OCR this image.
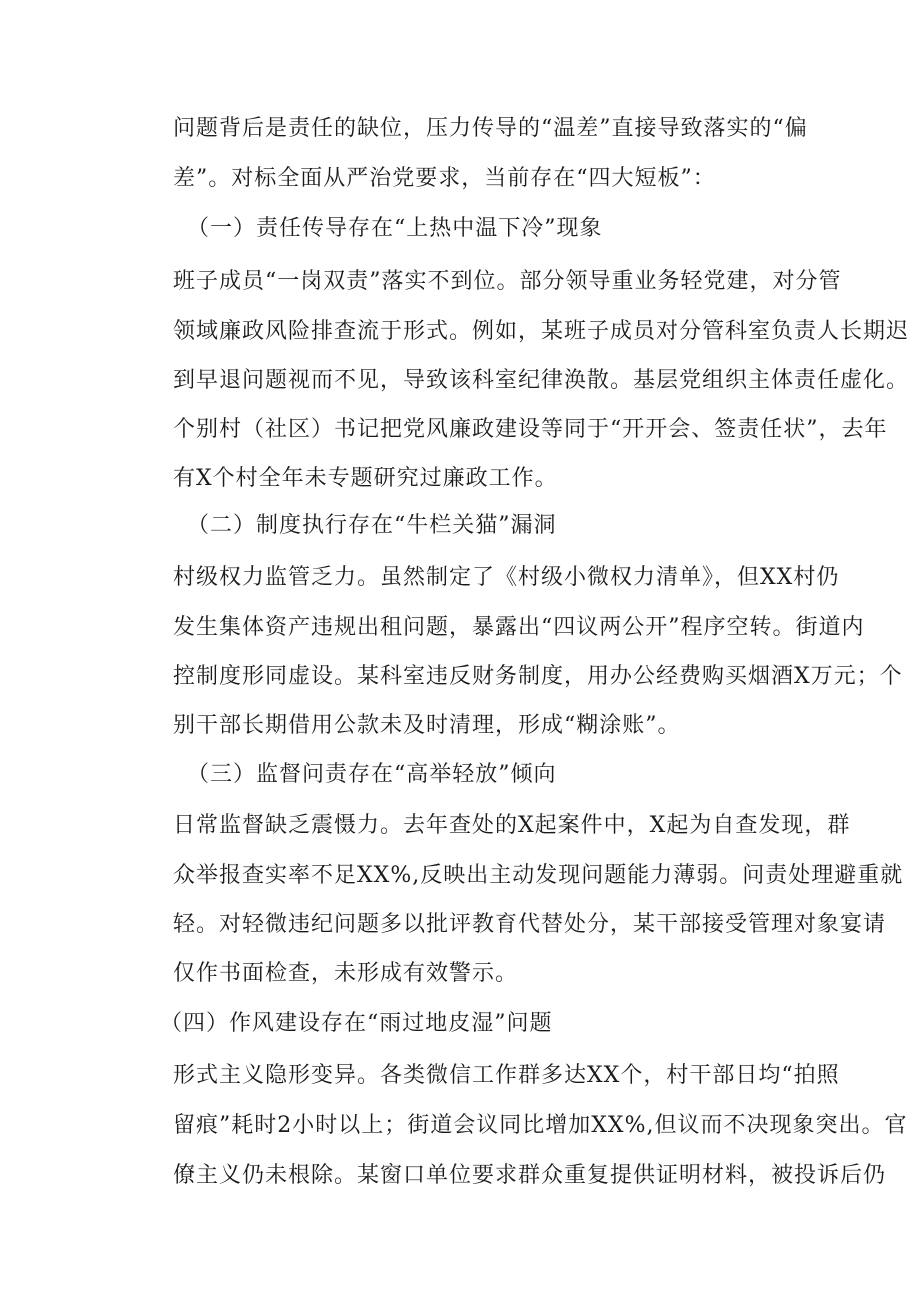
问题背后是责任的缺位，压力传导的“温差”直接导致落实的“偏
差”。对标全面从严治党要求，当前存在“四大短板”：
（一）责任传导存在“上热中温下冷”现象
班子成员“一岗双责”落实不到位。部分领导重业务轻党建，对分管
领域廉政风险排查流于形式。例如，某班子成员对分管科室负责人长期迟
到早退问题视而不见，导致该科室纪律涣散。基层党组织主体责任虚化。
个别村（社区）书记把党风廉政建设等同于“开开会、签责任状”，去年
有X个村全年未专题研究过廉政工作。
（二）制度执行存在“牛栏关猫”漏洞
村级权力监管乏力。虽然制定了《村级小微权力清单》，但XX村仍
发生集体资产违规出租问题，暴露出“四议两公开”程序空转。街道内
控制度形同虚设。某科室违反财务制度，用办公经费购买烟酒X万元；个
别干部长期借用公款未及时清理，形成“糊涂账”。
（三）监督问责存在“高举轻放”倾向
日常监督缺乏震慑力。去年查处的X起案件中，X起为自查发现，群
众举报查实率不足XX%,反映出主动发现问题能力薄弱。问责处理避重就
轻。对轻微违纪问题多以批评教育代替处分，某干部接受管理对象宴请
仅作书面检查，未形成有效警示。
（四）作风建设存在“雨过地皮湿”问题
形式主义隐形变异。各类微信工作群多达XX个，村干部日均“拍照
留痕”耗时2小时以上；街道会议同比增加XX%,但议而不决现象突出。官
僚主义仍未根除。某窗口单位要求群众重复提供证明材料，被投诉后仍
